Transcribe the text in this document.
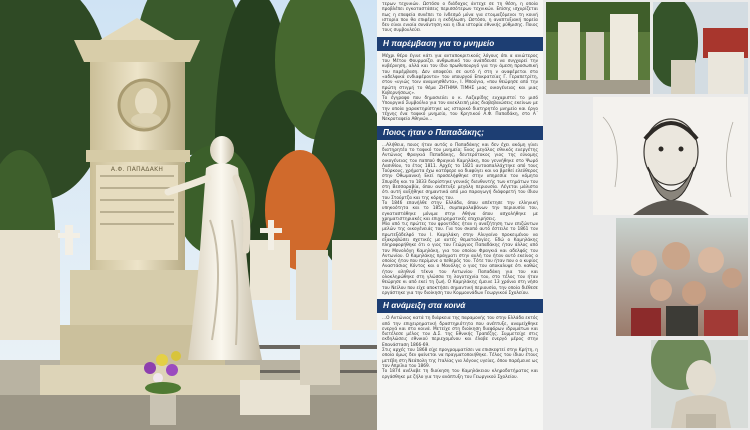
Α.Φ. ΠΑΠΑΔΑΚΗ

τερων τεχνικών. Ωστόσο ο διάδοχος άντεχε σε τη θέση, η οποία προβλέπει εγκαταστάσεις περισσότερων τεχνικών. Επίσης ισχυρίζεται πως η επαφεία συνέπει το ίνδεσμό μύνα για ετοιμαζόμενοι τη κοινή ιστορία που θα επιφέρει η εκδήλωση. Ωστόσο, η αναπτυξιακή πορεία δεν είναι ενιαία συνάντηση και η ίδια ιστορία εθνικής ρύθμισης. Ποιος τους συμβουλεύει

Η παρέμβαση για το μνημείο

Μέχρι θέρο έγινε κάτι για ανταποκριτικούς λόγους όπι α ανιώτερος του Μέτου Φουρμαίζει ανθρωπικό του ανάπδευσε να συγχαρεί την κυβέρνηση, αλλά και τον ίδιο πρωθυπουργό για την άμεση προσωπική του παρέμβαση. Δεν αποφεύει σε αυτό ή στη ν αναφέρεται στα «αδελφικά ενδιαφέροντα» του υπουργού Επικρατείας Γ. Γεραπετρίτη, στον «υγιώς τοιν αναμνησθέντα», Ι. Μπούγια, «που θεώρησε από την πρώτη στιγμή το θέμα ΖΗΤΗΜΑ ΤΙΜΗΣ μιας οικογένειας και μιας Κυβερνήσεως».

Το έγγραφο που δημοσιεύει ο κ. Λαζαρίδης ευχαριστεί το μισό Υπουργικό Συμβούλιο για τον ανεκλειπή μίας διαβεβαιώσεις εκείνων με την οποία χαρακτηρίστηκε ως ιστορικό διατηρητέο μνημείο και έργο τέχνης ένα ταφικό μνημείο, του Κρητικού Α.Φ. Παπαδάκη, στο Α΄ Νεκροταφείο Αθηνών...

Ποιος ήταν ο Παπαδάκης;

...Αλήθεια, ποιος ήταν αυτός ο Παπαδάκης και δεν έχει ακόμη γίνει διατηρητέο το ταφικό του μνημείο; Ένας μεγάλος εθνικός ευεργέτης Αντώνιος Φραγκιά Πεπαδάκης, δευτερότοκος γιος της εύνομης οικογένειας του παππού Φραγκιά Καμηλάκη, που γεννήθηκε στο Ψωρό Λασιθίου, το έτος 1811. Αρχές το 1821 αυτοαπαλλάχτηκε από τους Τούρκους, χρήματα έχω κατέφερε να διαφύγει και να βρεθεί ελεύθερος στην Οθωμανική Εκεί προσελήφθηκε στην υπηρεσία του κόμητα Σπυρίδη και το 1833 διορίστηκε γενικός διευθυντής των κτημάτων του στη Βεσσαραβία, όπου ανέπτυξε μεγάλη περιουσία. Λέγεται μάλιστα ότι αυτή αυξήθηκε σημαντικά από μια παραγωγή διάφορετή του ίδιου του Στούρτζα και της κόρης του.

Το 1846 επανήλθε στην Ελλάδα, όπου απέκτησε την ελληνική υπηκοότητα και το 1851, συμπαραλαβάνων την περιουσία του, εγκαταστάθηκε μόνιμα στην Αθήνα όπου ασχολήθηκε με χρηματιστηριακές και επιχειρηματικές επιχειρήσεις.

Μία από τις πρώτες του φροντίδες ήταν η αναζήτηση των επιζώντων μελών της οικογένειάς του. Για τον σκοπό αυτό έστειλε το 1861 τον πρωτεξάδελφό του Ι. Καμηλάκη στην Αλυγαίνο προκειμένου να εξακριβώσει σχετικές με αυτές θεματολογίες. Εδώ ο Καμηλάκης πληροφορήθηκε ότι ο γιος του Γεώργιος Παπαδάκης ήταν άλλος από τον Μονολόγη Καμηλάκη, για του οποίου Φραγκιά και αδελφός του Αντωνίου. Ο Καμηλάκης πράγματι στην αυλή του ήταν αυτό εκείνος ο οποίος ήταν που περίμενε ο πεθερός του. Τότε του ήταν που ο ο κυρίος Αναστάσιος Κόντος και ο Μανόλης ο γιος του αποκαλυψε ότι καθώς ήταν αληθινό τέκνο του Αντωνίου Παπαδάκη για του και ολοκληρώθηκε στη γλώσσα τη λογοτεχνία του, στο τέλος του ήταν θεώρησε κι από εκεί τη ζωή. Ο Καμηλάκης έμεινε 13 χρόνια στη νήσο του Νείλου που είχε αποκτήσει σημαντική περιουσία, την οποία διέθεσε εργάστηκε για την διοίκηση του Κομμουνάδων Γεωργικού Σχολείου.

Η ανάμειξη στα κοινά

...Ο Αντώνιος κατά τη διάρκεια της παραμονής του στην Ελλάδα εκτός από την επιχειρηματική δραστηριότητα που ανέπτυξε, αναμείχθηκε ενεργά και στα κοινά. Μετείχε στη διοίκηση διαφόρων ιδρυμάτων και διετέλεσε μέλος του Δ.Σ. της Εθνικής Τραπέζης. Συμμετείχε στις εκδηλώσεις εθνικού περιεχομένου και έλαβε ενεργό μέρος στην Επανάσταση 1866-69.

Στις αρχές του 1868 είχε προγραμματίσει να επισκεφτεί στην Κρήτη, η οποία όμως δεν φαίνεται να πραγματοποιήθηκε. Τέλος του ίδιου έτους μετέβη στη Νεάπολη της Ιταλίας για λόγους υγείας, όπου παρέμεινε ως τον Απρίλιο του 1869.

Το 1874 ανέλαβε τη διοίκηση του Καμηλάκειου κληροδοτήματος και εργάσθηκε με ζήλο για την ανάπτυξη του Γεωργικού Σχολείου.
